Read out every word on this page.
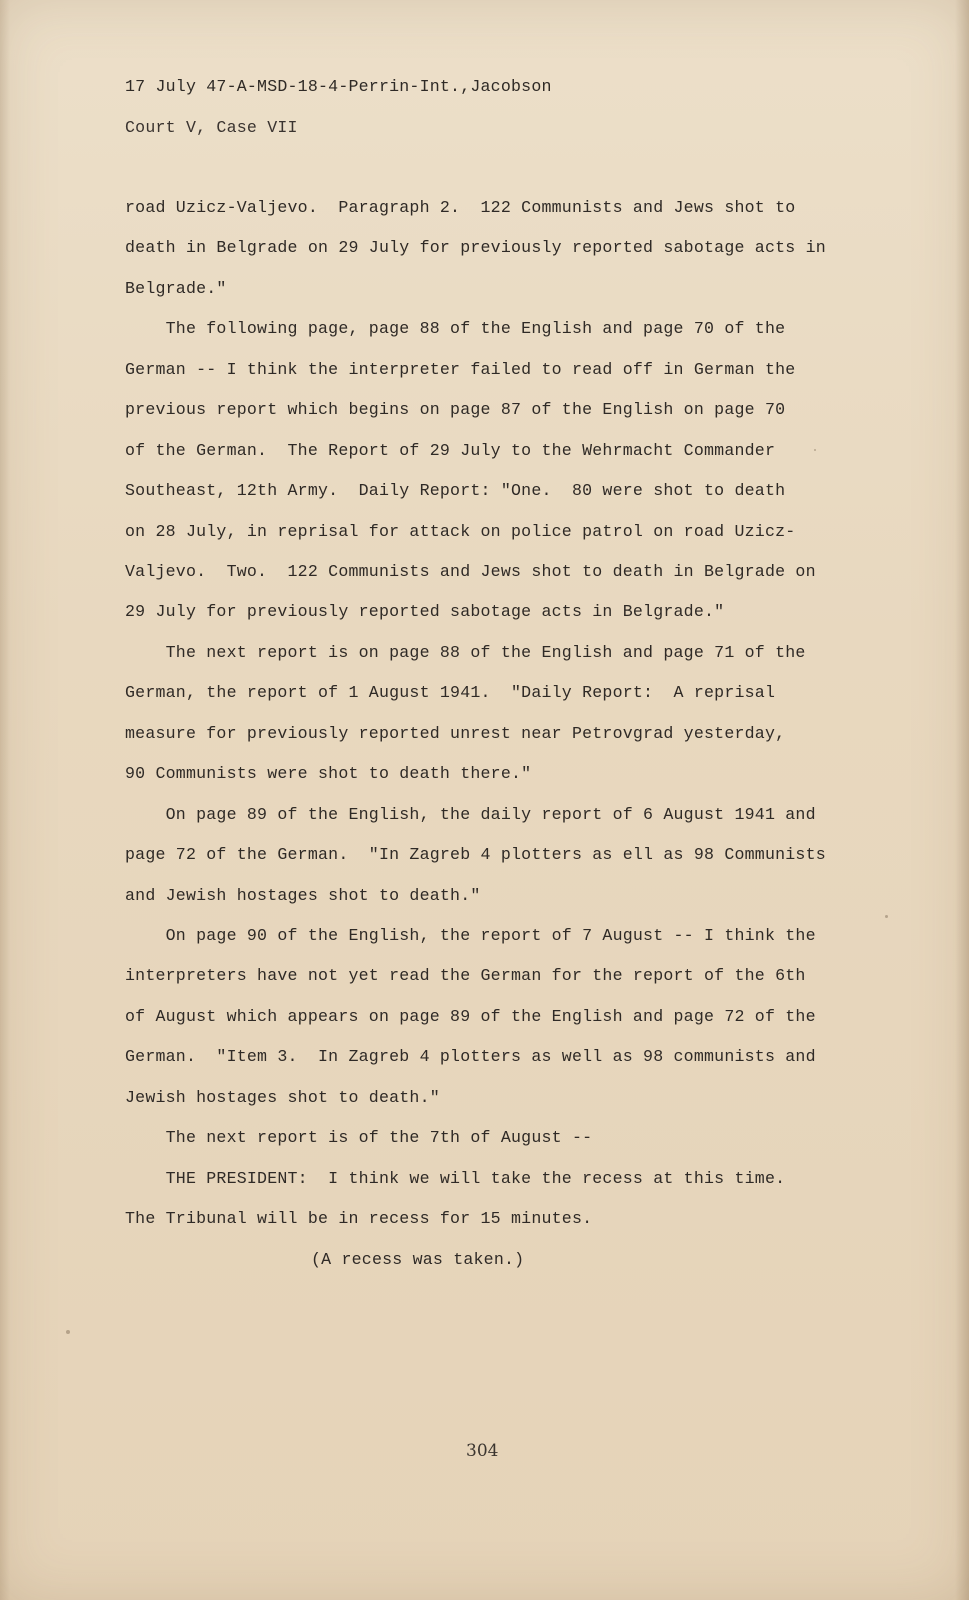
17 July 47-A-MSD-18-4-Perrin-Int.,Jacobson
Court V, Case VII
road Uzicz-Valjevo.  Paragraph 2.  122 Communists and Jews shot to
death in Belgrade on 29 July for previously reported sabotage acts in
Belgrade."
The following page, page 88 of the English and page 70 of the
German -- I think the interpreter failed to read off in German the
previous report which begins on page 87 of the English on page 70
of the German.  The Report of 29 July to the Wehrmacht Commander
Southeast, 12th Army.  Daily Report: "One.  80 were shot to death
on 28 July, in reprisal for attack on police patrol on road Uzicz-
Valjevo.  Two.  122 Communists and Jews shot to death in Belgrade on
29 July for previously reported sabotage acts in Belgrade."
The next report is on page 88 of the English and page 71 of the
German, the report of 1 August 1941.  "Daily Report:  A reprisal
measure for previously reported unrest near Petrovgrad yesterday,
90 Communists were shot to death there."
On page 89 of the English, the daily report of 6 August 1941 and
page 72 of the German.  "In Zagreb 4 plotters as ell as 98 Communists
and Jewish hostages shot to death."
On page 90 of the English, the report of 7 August -- I think the
interpreters have not yet read the German for the report of the 6th
of August which appears on page 89 of the English and page 72 of the
German.  "Item 3.  In Zagreb 4 plotters as well as 98 communists and
Jewish hostages shot to death."
The next report is of the 7th of August --
THE PRESIDENT:  I think we will take the recess at this time.
The Tribunal will be in recess for 15 minutes.
(A recess was taken.)
304
